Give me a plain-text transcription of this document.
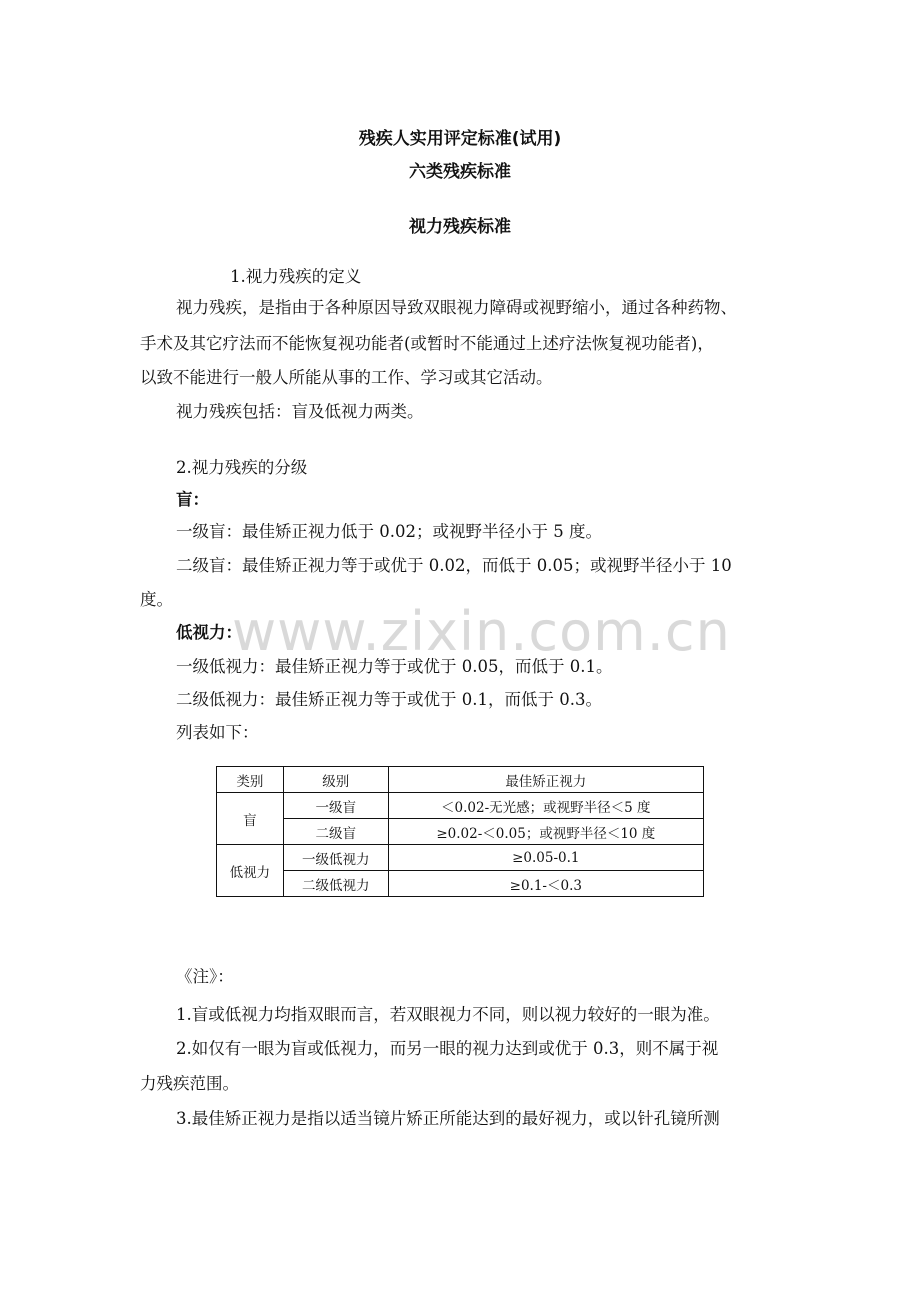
www.zixin.com.cn
残疾人实用评定标准(试用)
六类残疾标准
视力残疾标准
1.视力残疾的定义
视力残疾，是指由于各种原因导致双眼视力障碍或视野缩小，通过各种药物、
手术及其它疗法而不能恢复视功能者(或暂时不能通过上述疗法恢复视功能者)，
以致不能进行一般人所能从事的工作、学习或其它活动。
视力残疾包括：盲及低视力两类。
2.视力残疾的分级
盲：
一级盲：最佳矫正视力低于 0.02；或视野半径小于 5 度。
二级盲：最佳矫正视力等于或优于 0.02，而低于 0.05；或视野半径小于 10
度。
低视力：
一级低视力：最佳矫正视力等于或优于 0.05，而低于 0.1。
二级低视力：最佳矫正视力等于或优于 0.1，而低于 0.3。
列表如下：
类别	级别	最佳矫正视力
盲	一级盲	＜0.02-无光感；或视野半径＜5 度
	二级盲	≥0.02-＜0.05；或视野半径＜10 度
低视力	一级低视力	≥0.05-0.1
	二级低视力	≥0.1-＜0.3
《注》：
1.盲或低视力均指双眼而言，若双眼视力不同，则以视力较好的一眼为准。
2.如仅有一眼为盲或低视力，而另一眼的视力达到或优于 0.3，则不属于视
力残疾范围。
3.最佳矫正视力是指以适当镜片矫正所能达到的最好视力，或以针孔镜所测
